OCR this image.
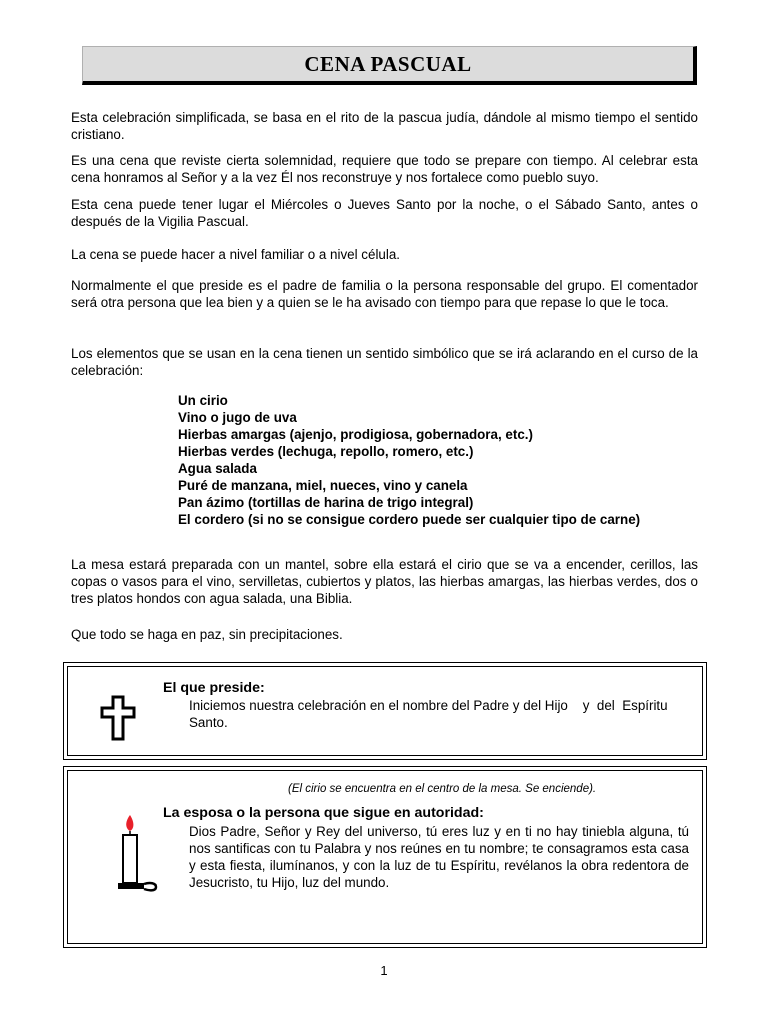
CENA PASCUAL

Esta celebración simplificada, se basa en el rito de la pascua judía, dándole al mismo tiempo el sentido cristiano.

Es una cena que reviste cierta solemnidad, requiere que todo se prepare con tiempo. Al celebrar esta cena honramos al Señor y a la vez Él nos reconstruye y nos fortalece como pueblo suyo.

Esta cena puede tener lugar el Miércoles o Jueves Santo por la noche, o el Sábado Santo, antes o después de la Vigilia Pascual.

La cena se puede hacer a nivel familiar o a nivel célula.

Normalmente el que preside es el padre de familia o la persona responsable del grupo. El comentador será otra persona que lea bien y a quien se le ha avisado con tiempo para que repase lo que le toca.

Los elementos que se usan en la cena tienen un sentido simbólico que se irá aclarando en el curso de la celebración:

Un cirio
Vino o jugo de uva
Hierbas amargas (ajenjo, prodigiosa, gobernadora, etc.)
Hierbas verdes (lechuga, repollo, romero, etc.)
Agua salada
Puré de manzana, miel, nueces, vino y canela
Pan ázimo (tortillas de harina de trigo integral)
El cordero (si no se consigue cordero puede ser cualquier tipo de carne)

La mesa estará preparada con un mantel, sobre ella estará el cirio que se va a encender, cerillos, las copas o vasos para el vino, servilletas, cubiertos y platos, las hierbas amargas, las hierbas verdes, dos o tres platos hondos con agua salada, una Biblia.

Que todo se haga en paz, sin precipitaciones.

El que preside:
Iniciemos nuestra celebración en el nombre del Padre y del Hijo    y  del  Espíritu
Santo.
(El cirio se encuentra en el centro de la mesa. Se enciende).
La esposa o la persona que sigue en autoridad:
Dios Padre, Señor y Rey del universo, tú eres luz y en ti no hay tiniebla alguna, tú nos santificas con tu Palabra y nos reúnes en tu nombre; te consagramos esta casa y esta fiesta, ilumínanos, y con la luz de tu Espíritu, revélanos la obra redentora de Jesucristo, tu Hijo, luz del mundo.
1
